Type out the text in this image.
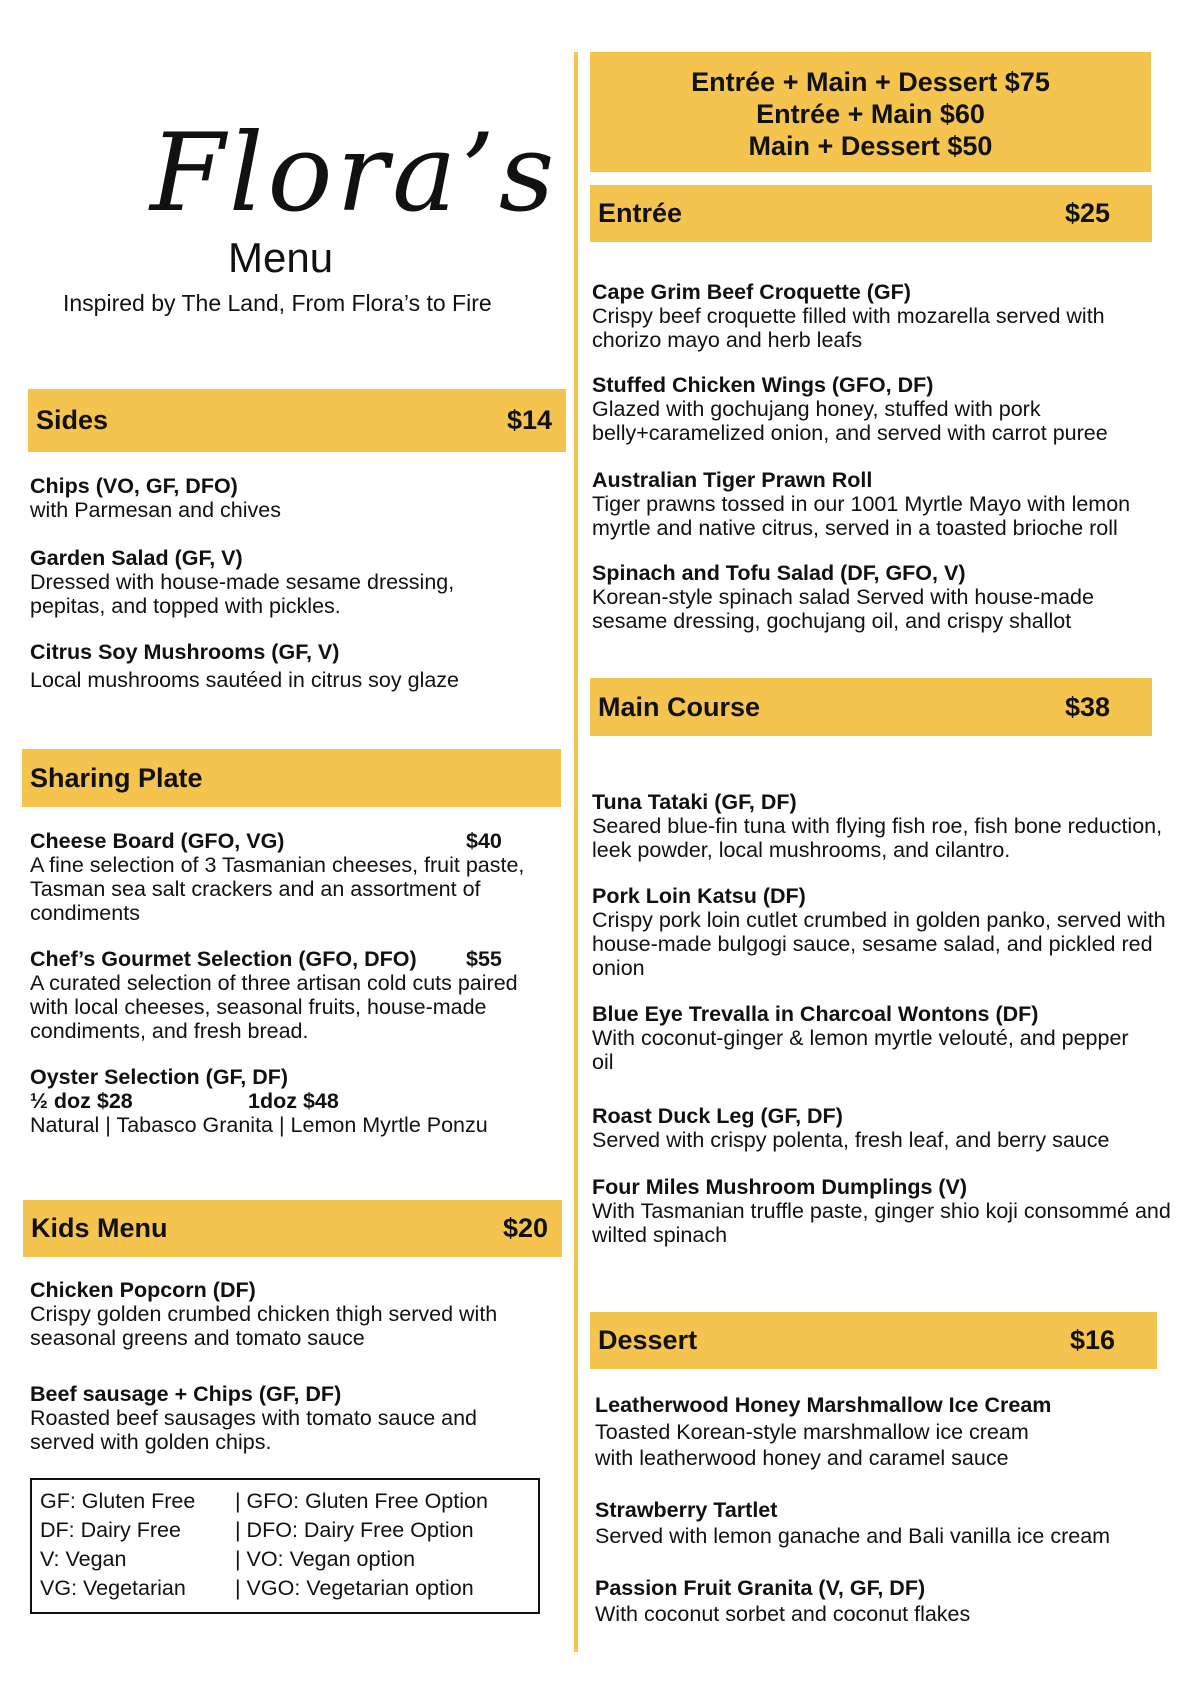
Flora’s
Menu
Inspired by The Land, From Flora’s to Fire
Sides	$14
Chips (VO, GF, DFO)
with Parmesan and chives
Garden Salad (GF, V)
Dressed with house-made sesame dressing, pepitas, and topped with pickles.
Citrus Soy Mushrooms (GF, V)
Local mushrooms sautéed in citrus soy glaze
Sharing Plate
Cheese Board (GFO, VG)	$40
A fine selection of 3 Tasmanian cheeses, fruit paste, Tasman sea salt crackers and an assortment of condiments
Chef’s Gourmet Selection (GFO, DFO) $55
A curated selection of three artisan cold cuts paired with local cheeses, seasonal fruits, house-made condiments, and fresh bread.
Oyster Selection (GF, DF)
½ doz $28	1doz $48
Natural | Tabasco Granita | Lemon Myrtle Ponzu
Kids Menu	$20
Chicken Popcorn (DF)
Crispy golden crumbed chicken thigh served with seasonal greens and tomato sauce
Beef sausage + Chips (GF, DF)
Roasted beef sausages with tomato sauce and served with golden chips.
GF: Gluten Free	| GFO: Gluten Free Option
DF: Dairy Free	| DFO: Dairy Free Option
V: Vegan	| VO: Vegan option
VG: Vegetarian	| VGO: Vegetarian option
Entrée + Main + Dessert $75
Entrée + Main $60
Main + Dessert $50
Entrée	$25
Cape Grim Beef Croquette (GF)
Crispy beef croquette filled with mozarella served with chorizo mayo and herb leafs
Stuffed Chicken Wings (GFO, DF)
Glazed with gochujang honey, stuffed with pork belly+caramelized onion, and served with carrot puree
Australian Tiger Prawn Roll
Tiger prawns tossed in our 1001 Myrtle Mayo with lemon myrtle and native citrus, served in a toasted brioche roll
Spinach and Tofu Salad (DF, GFO, V)
Korean-style spinach salad Served with house-made sesame dressing, gochujang oil, and crispy shallot
Main Course	$38
Tuna Tataki (GF, DF)
Seared blue-fin tuna with flying fish roe, fish bone reduction, leek powder, local mushrooms, and cilantro.
Pork Loin Katsu (DF)
Crispy pork loin cutlet crumbed in golden panko, served with house-made bulgogi sauce, sesame salad, and pickled red onion
Blue Eye Trevalla in Charcoal Wontons (DF)
With coconut-ginger & lemon myrtle velouté, and pepper oil
Roast Duck Leg (GF, DF)
Served with crispy polenta, fresh leaf, and berry sauce
Four Miles Mushroom Dumplings (V)
With Tasmanian truffle paste, ginger shio koji consommé and wilted spinach
Dessert	$16
Leatherwood Honey Marshmallow Ice Cream
Toasted Korean-style marshmallow ice cream with leatherwood honey and caramel sauce
Strawberry Tartlet
Served with lemon ganache and Bali vanilla ice cream
Passion Fruit Granita (V, GF, DF)
With coconut sorbet and coconut flakes
